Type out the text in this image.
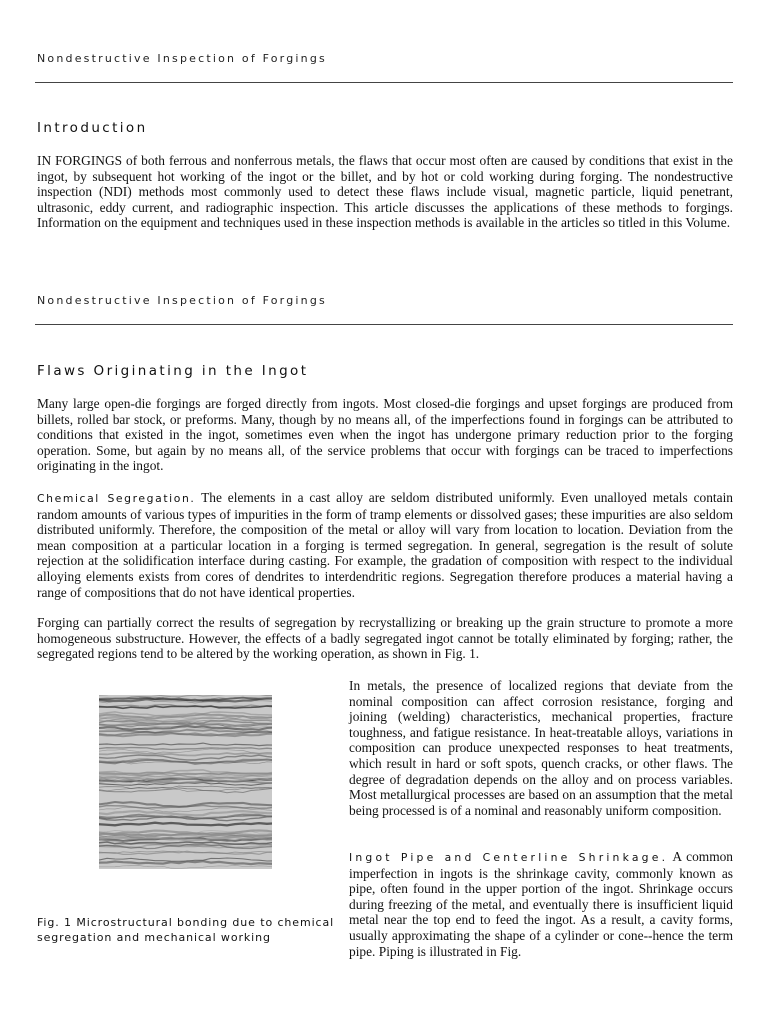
Nondestructive Inspection of Forgings
Introduction

IN FORGINGS of both ferrous and nonferrous metals, the flaws that occur most often are caused by conditions that exist in the ingot, by subsequent hot working of the ingot or the billet, and by hot or cold working during forging. The nondestructive inspection (NDI) methods most commonly used to detect these flaws include visual, magnetic particle, liquid penetrant, ultrasonic, eddy current, and radiographic inspection. This article discusses the applications of these methods to forgings. Information on the equipment and techniques used in these inspection methods is available in the articles so titled in this Volume.

Nondestructive Inspection of Forgings
Flaws Originating in the Ingot

Many large open-die forgings are forged directly from ingots. Most closed-die forgings and upset forgings are produced from billets, rolled bar stock, or preforms. Many, though by no means all, of the imperfections found in forgings can be attributed to conditions that existed in the ingot, sometimes even when the ingot has undergone primary reduction prior to the forging operation. Some, but again by no means all, of the service problems that occur with forgings can be traced to imperfections originating in the ingot.

Chemical Segregation. The elements in a cast alloy are seldom distributed uniformly. Even unalloyed metals contain random amounts of various types of impurities in the form of tramp elements or dissolved gases; these impurities are also seldom distributed uniformly. Therefore, the composition of the metal or alloy will vary from location to location. Deviation from the mean composition at a particular location in a forging is termed segregation. In general, segregation is the result of solute rejection at the solidification interface during casting. For example, the gradation of composition with respect to the individual alloying elements exists from cores of dendrites to interdendritic regions. Segregation therefore produces a material having a range of compositions that do not have identical properties.

Forging can partially correct the results of segregation by recrystallizing or breaking up the grain structure to promote a more homogeneous substructure. However, the effects of a badly segregated ingot cannot be totally eliminated by forging; rather, the segregated regions tend to be altered by the working operation, as shown in Fig. 1.

Fig. 1 Microstructural bonding due to chemical segregation and mechanical working

In metals, the presence of localized regions that deviate from the nominal composition can affect corrosion resistance, forging and joining (welding) characteristics, mechanical properties, fracture toughness, and fatigue resistance. In heat-treatable alloys, variations in composition can produce unexpected responses to heat treatments, which result in hard or soft spots, quench cracks, or other flaws. The degree of degradation depends on the alloy and on process variables. Most metallurgical processes are based on an assumption that the metal being processed is of a nominal and reasonably uniform composition.

Ingot Pipe and Centerline Shrinkage. A common imperfection in ingots is the shrinkage cavity, commonly known as pipe, often found in the upper portion of the ingot. Shrinkage occurs during freezing of the metal, and eventually there is insufficient liquid metal near the top end to feed the ingot. As a result, a cavity forms, usually approximating the shape of a cylinder or cone--hence the term pipe. Piping is illustrated in Fig.
